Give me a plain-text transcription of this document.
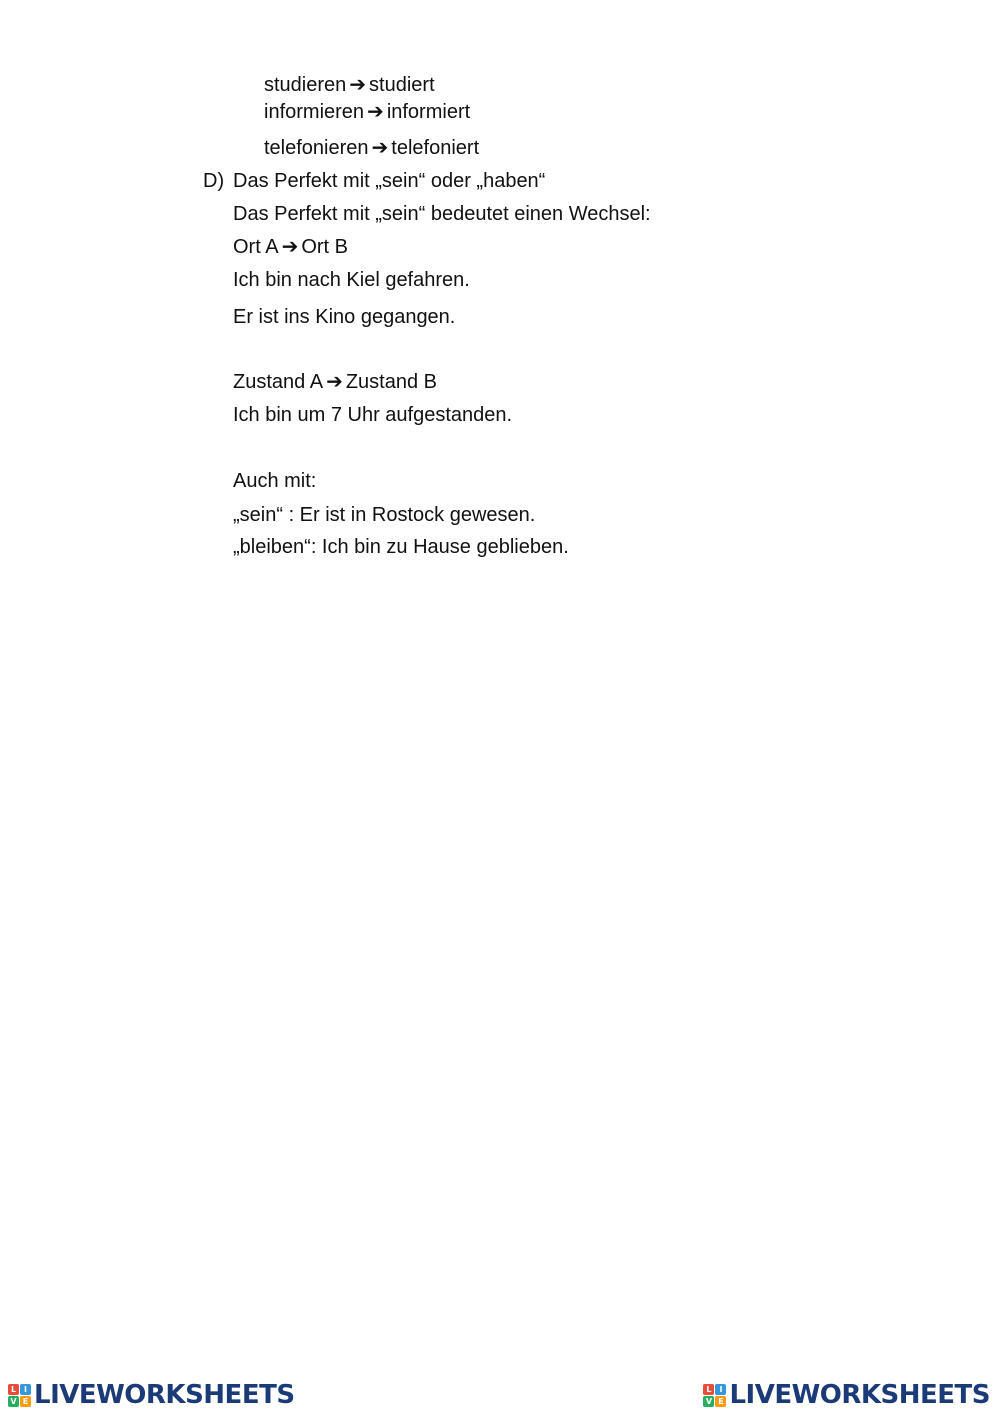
studieren ➔ studiert
informieren ➔ informiert
telefonieren ➔ telefoniert
D) Das Perfekt mit „sein“ oder „haben“
Das Perfekt mit „sein“ bedeutet einen Wechsel:
Ort A ➔ Ort B
Ich bin nach Kiel gefahren.
Er ist ins Kino gegangen.
Zustand A ➔ Zustand B
Ich bin um 7 Uhr aufgestanden.
Auch mit:
„sein“ : Er ist in Rostock gewesen.
„bleiben“: Ich bin zu Hause geblieben.
L I
V E LIVEWORKSHEETS	L I
V E LIVEWORKSHEETS
